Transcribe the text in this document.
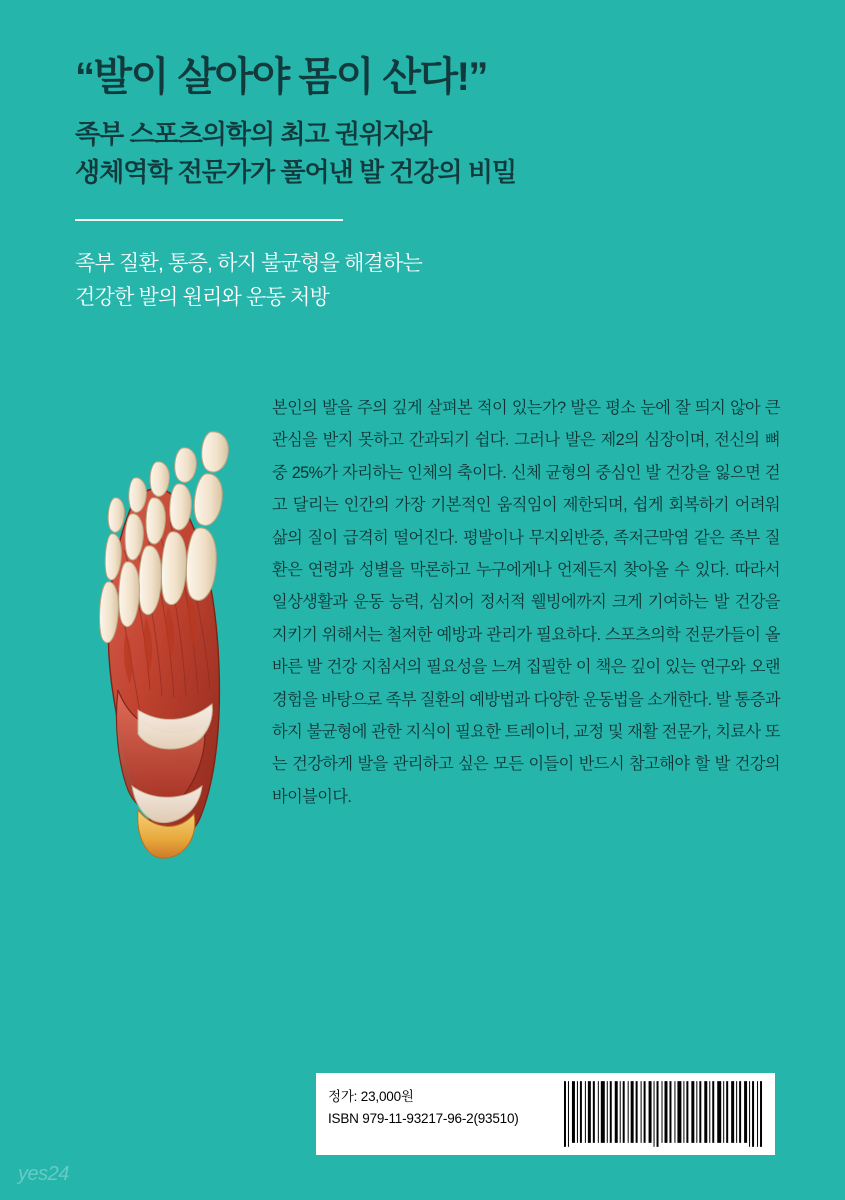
“발이 살아야 몸이 산다!”
족부 스포츠의학의 최고 권위자와
생체역학 전문가가 풀어낸 발 건강의 비밀
족부 질환, 통증, 하지 불균형을 해결하는
건강한 발의 원리와 운동 처방

본인의 발을 주의 깊게 살펴본 적이 있는가? 발은 평소 눈에 잘 띄지 않아 큰 관심을 받지 못하고 간과되기 쉽다. 그러나 발은 제2의 심장이며, 전신의 뼈 중 25%가 자리하는 인체의 축이다. 신체 균형의 중심인 발 건강을 잃으면 걷고 달리는 인간의 가장 기본적인 움직임이 제한되며, 쉽게 회복하기 어려워 삶의 질이 급격히 떨어진다. 평발이나 무지외반증, 족저근막염 같은 족부 질환은 연령과 성별을 막론하고 누구에게나 언제든지 찾아올 수 있다. 따라서 일상생활과 운동 능력, 심지어 정서적 웰빙에까지 크게 기여하는 발 건강을 지키기 위해서는 철저한 예방과 관리가 필요하다. 스포츠의학 전문가들이 올바른 발 건강 지침서의 필요성을 느껴 집필한 이 책은 깊이 있는 연구와 오랜 경험을 바탕으로 족부 질환의 예방법과 다양한 운동법을 소개한다. 발 통증과 하지 불균형에 관한 지식이 필요한 트레이너, 교정 및 재활 전문가, 치료사 또는 건강하게 발을 관리하고 싶은 모든 이들이 반드시 참고해야 할 발 건강의 바이블이다.

정가: 23,000원
ISBN 979-11-93217-96-2(93510)
yes24
